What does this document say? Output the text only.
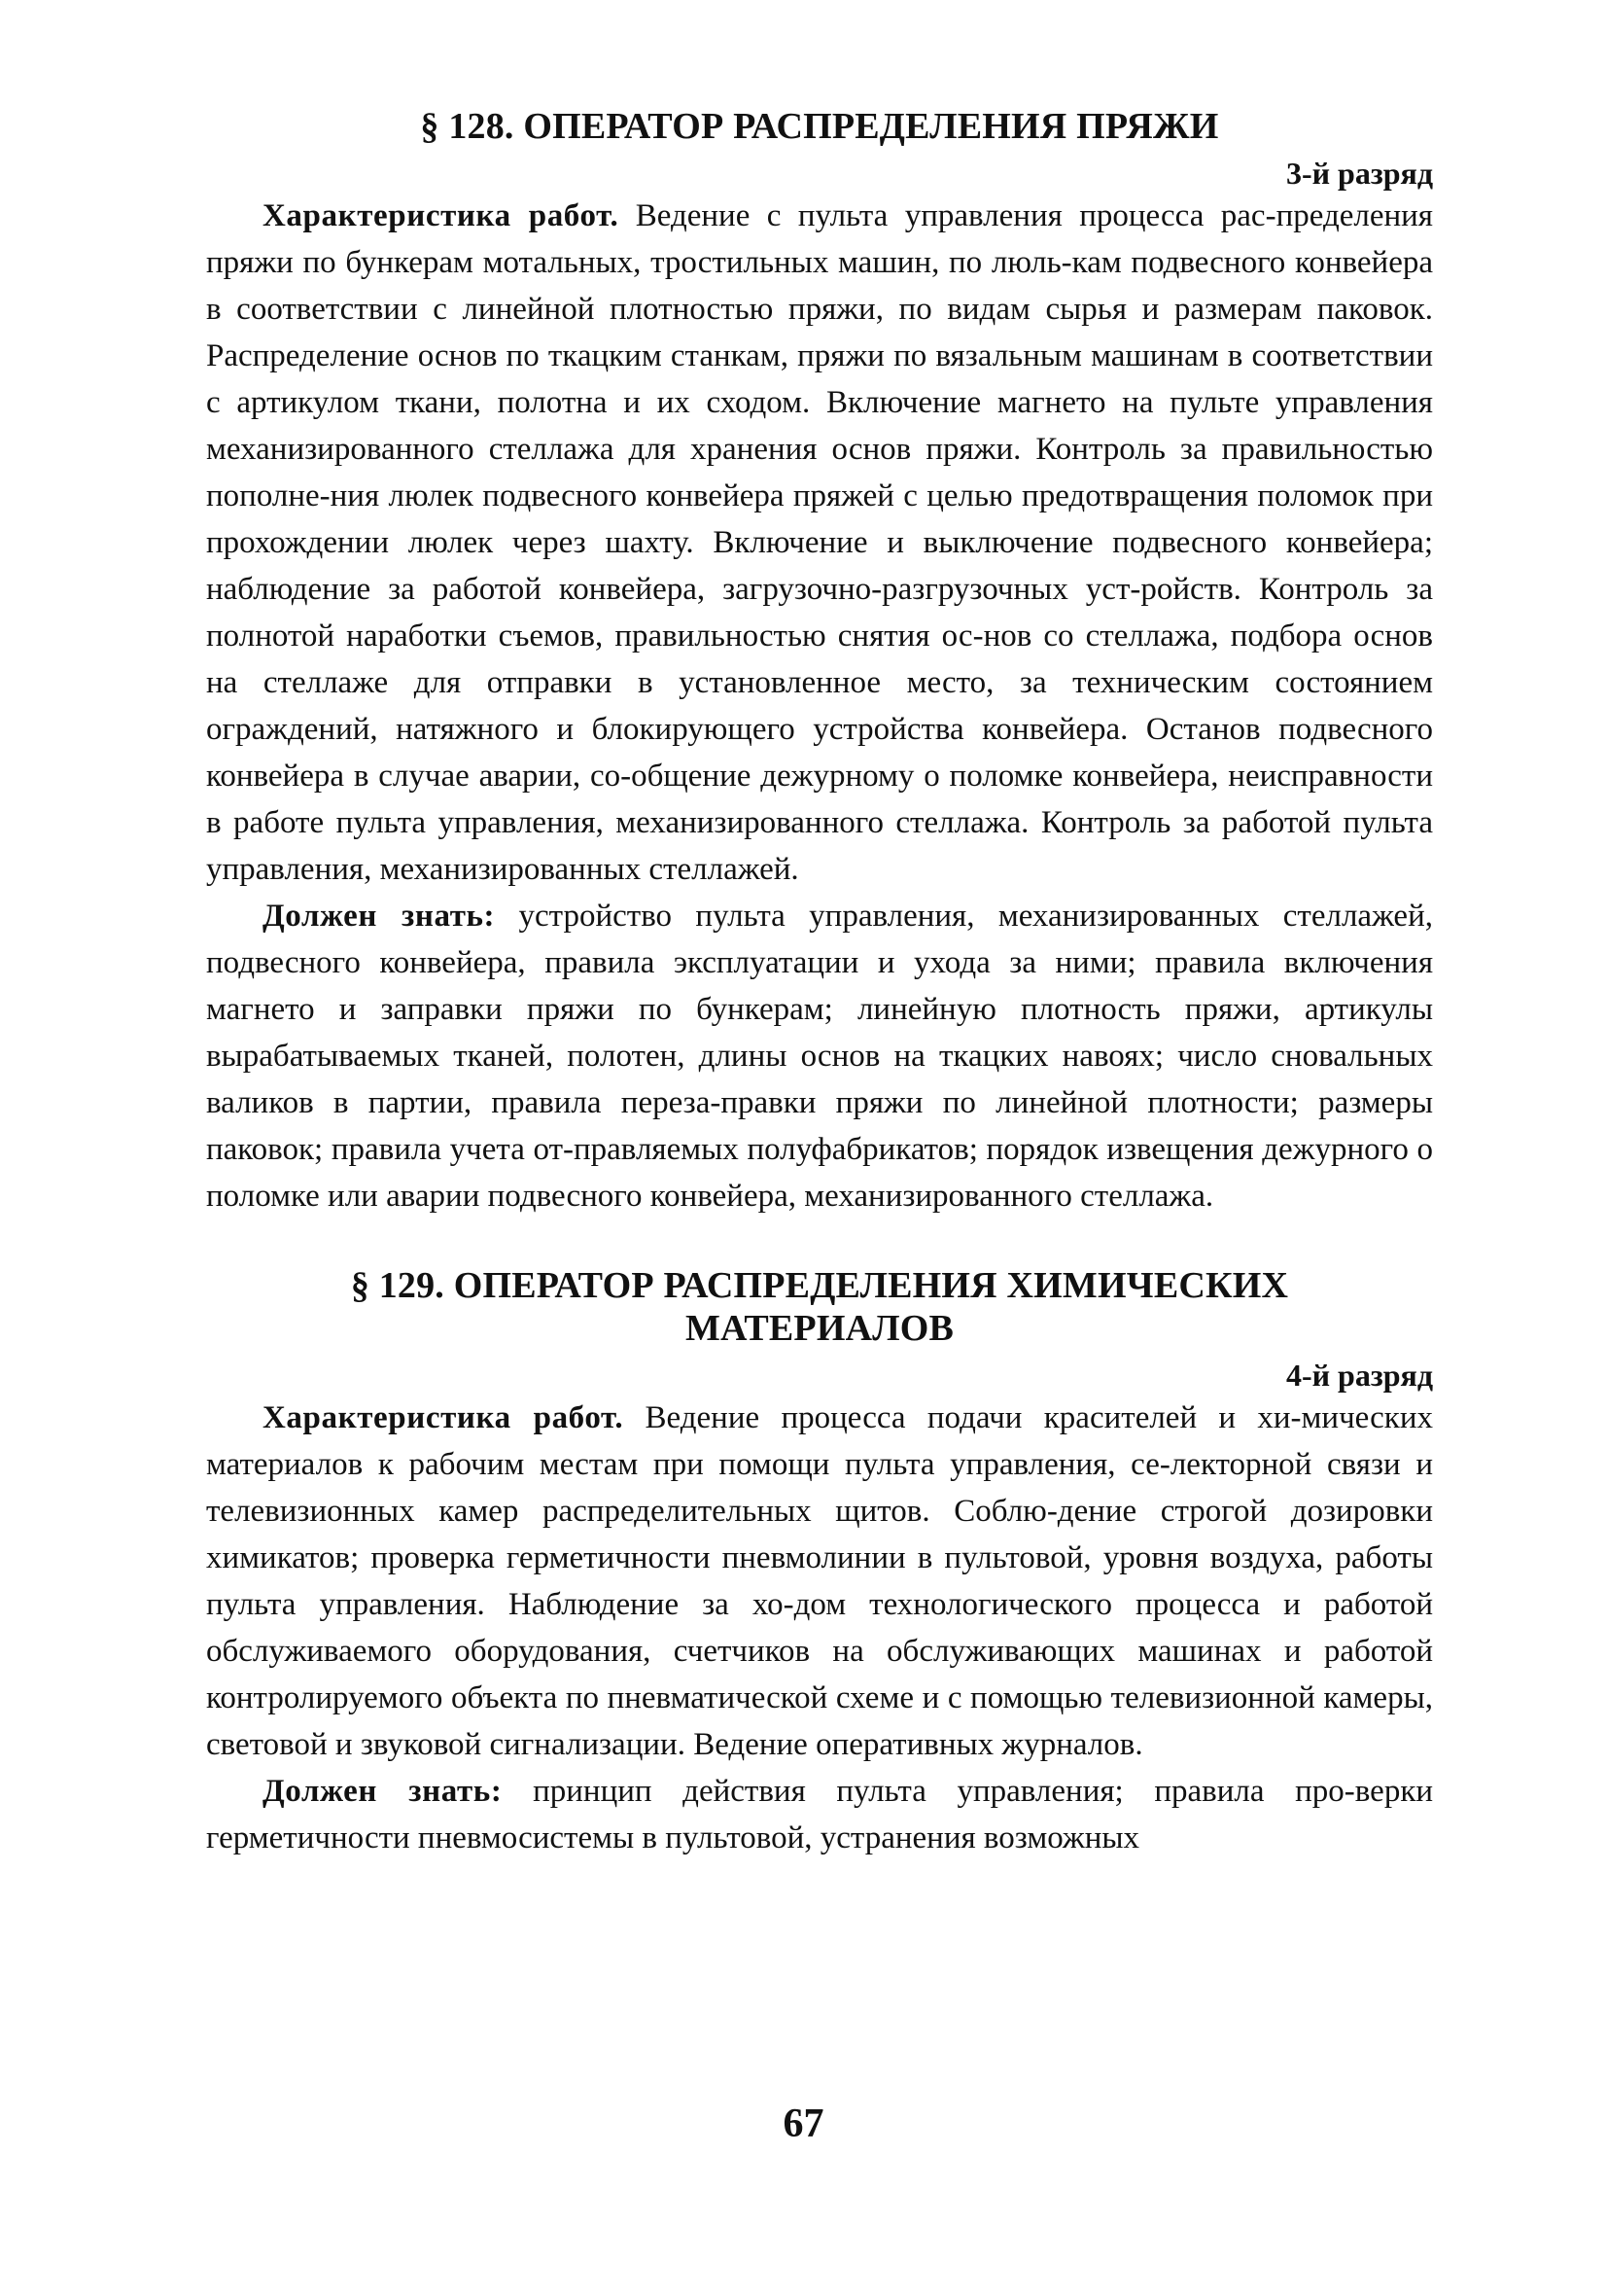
§ 128. ОПЕРАТОР РАСПРЕДЕЛЕНИЯ ПРЯЖИ
3-й разряд

Характеристика работ. Ведение с пульта управления процесса рас-пределения пряжи по бункерам мотальных, тростильных машин, по люль-кам подвесного конвейера в соответствии с линейной плотностью пряжи, по видам сырья и размерам паковок. Распределение основ по ткацким станкам, пряжи по вязальным машинам в соответствии с артикулом ткани, полотна и их сходом. Включение магнето на пульте управления механизированного стеллажа для хранения основ пряжи. Контроль за правильностью пополне-ния люлек подвесного конвейера пряжей с целью предотвращения поломок при прохождении люлек через шахту. Включение и выключение подвесного конвейера; наблюдение за работой конвейера, загрузочно-разгрузочных уст-ройств. Контроль за полнотой наработки съемов, правильностью снятия ос-нов со стеллажа, подбора основ на стеллаже для отправки в установленное место, за техническим состоянием ограждений, натяжного и блокирующего устройства конвейера. Останов подвесного конвейера в случае аварии, со-общение дежурному о поломке конвейера, неисправности в работе пульта управления, механизированного стеллажа. Контроль за работой пульта управления, механизированных стеллажей.

Должен знать: устройство пульта управления, механизированных стеллажей, подвесного конвейера, правила эксплуатации и ухода за ними; правила включения магнето и заправки пряжи по бункерам; линейную плотность пряжи, артикулы вырабатываемых тканей, полотен, длины основ на ткацких навоях; число сновальных валиков в партии, правила переза-правки пряжи по линейной плотности; размеры паковок; правила учета от-правляемых полуфабрикатов; порядок извещения дежурного о поломке или аварии подвесного конвейера, механизированного стеллажа.

§ 129. ОПЕРАТОР РАСПРЕДЕЛЕНИЯ ХИМИЧЕСКИХ
МАТЕРИАЛОВ
4-й разряд

Характеристика работ. Ведение процесса подачи красителей и хи-мических материалов к рабочим местам при помощи пульта управления, се-лекторной связи и телевизионных камер распределительных щитов. Соблю-дение строгой дозировки химикатов; проверка герметичности пневмолинии в пультовой, уровня воздуха, работы пульта управления. Наблюдение за хо-дом технологического процесса и работой обслуживаемого оборудования, счетчиков на обслуживающих машинах и работой контролируемого объекта по пневматической схеме и с помощью телевизионной камеры, световой и звуковой сигнализации. Ведение оперативных журналов.

Должен знать: принцип действия пульта управления; правила про-верки герметичности пневмосистемы в пультовой, устранения возможных

67
